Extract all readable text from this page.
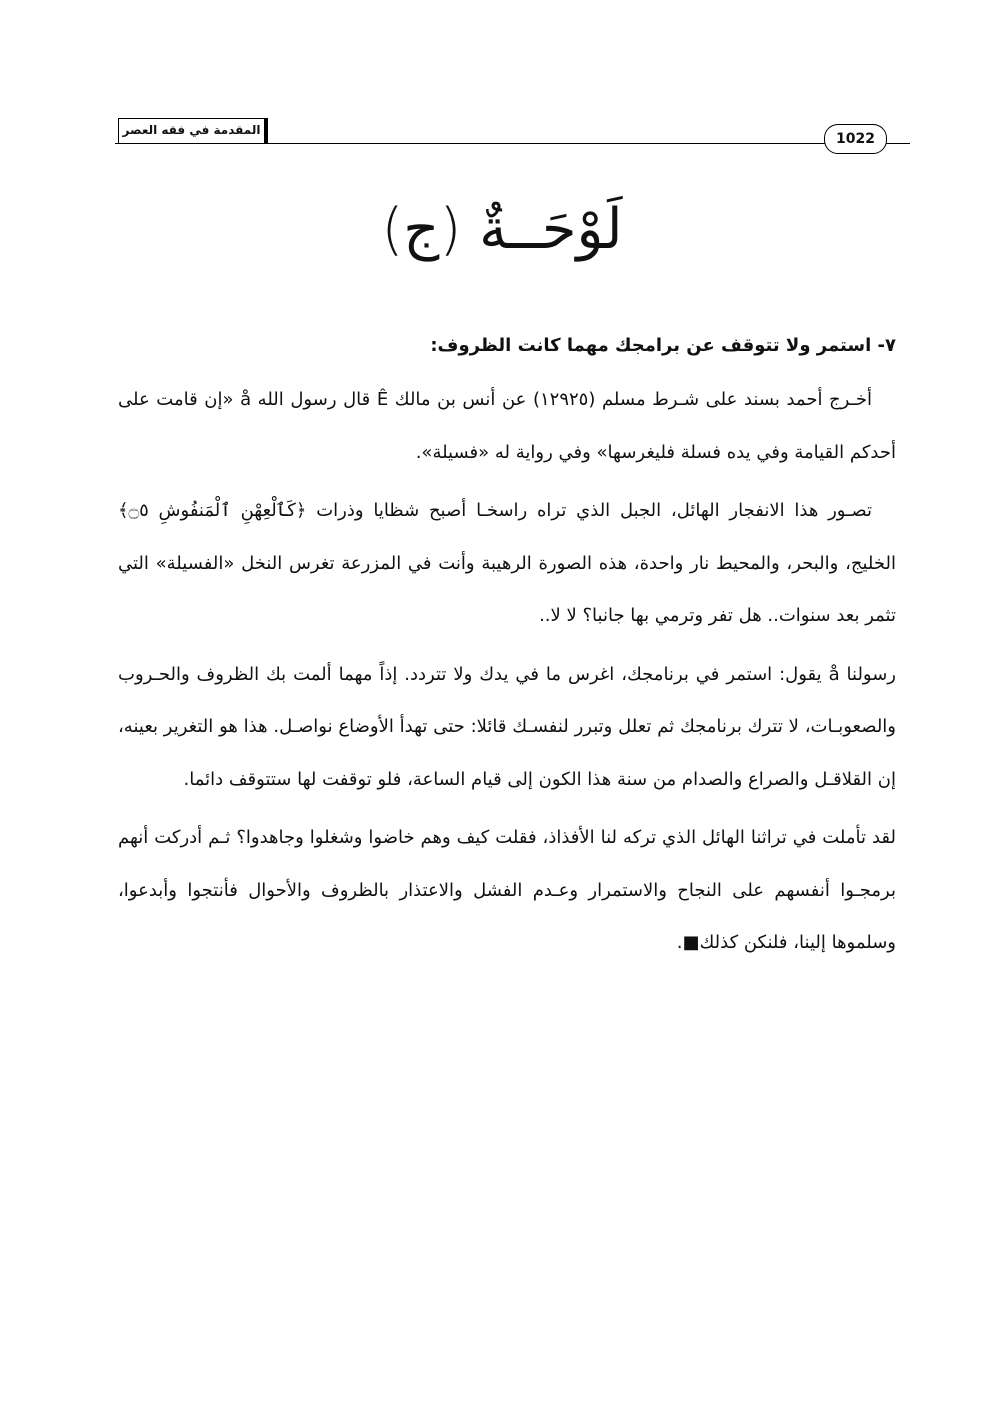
المقدمة في فقه العصر
1022
لَوْحَــةٌ (ج)
٧- استمر ولا تتوقف عن برامجك مهما كانت الظروف:

أخـرج أحمد بسند على شـرط مسلم (١٢٩٢٥) عن أنس بن مالك Ê قال رسول الله å «إن قامت على أحدكم القيامة وفي يده فسلة فليغرسها» وفي رواية له «فسيلة».

تصـور هذا الانفجار الهائل، الجبل الذي تراه راسخـا أصبح شظايا وذرات ﴿كَٱلْعِهْنِ ٱلْمَنفُوشِ ۝٥﴾ الخليج، والبحر، والمحيط نار واحدة، هذه الصورة الرهيبة وأنت في المزرعة تغرس النخل «الفسيلة» التي تثمر بعد سنوات.. هل تفر وترمي بها جانبا؟ لا لا..

رسولنا å يقول: استمر في برنامجك، اغرس ما في يدك ولا تتردد. إذاً مهما ألمت بك الظروف والحـروب والصعوبـات، لا تترك برنامجك ثم تعلل وتبرر لنفسـك قائلا: حتى تهدأ الأوضاع نواصـل. هذا هو التغرير بعينه، إن القلاقـل والصراع والصدام من سنة هذا الكون إلى قيام الساعة، فلو توقفت لها ستتوقف دائما.

لقد تأملت في تراثنا الهائل الذي تركه لنا الأفذاذ، فقلت كيف وهم خاضوا وشغلوا وجاهدوا؟ ثـم أدركت أنهم برمجـوا أنفسهم على النجاح والاستمرار وعـدم الفشل والاعتذار بالظروف والأحوال فأنتجوا وأبدعوا، وسلموها إلينا، فلنكن كذلك■.
